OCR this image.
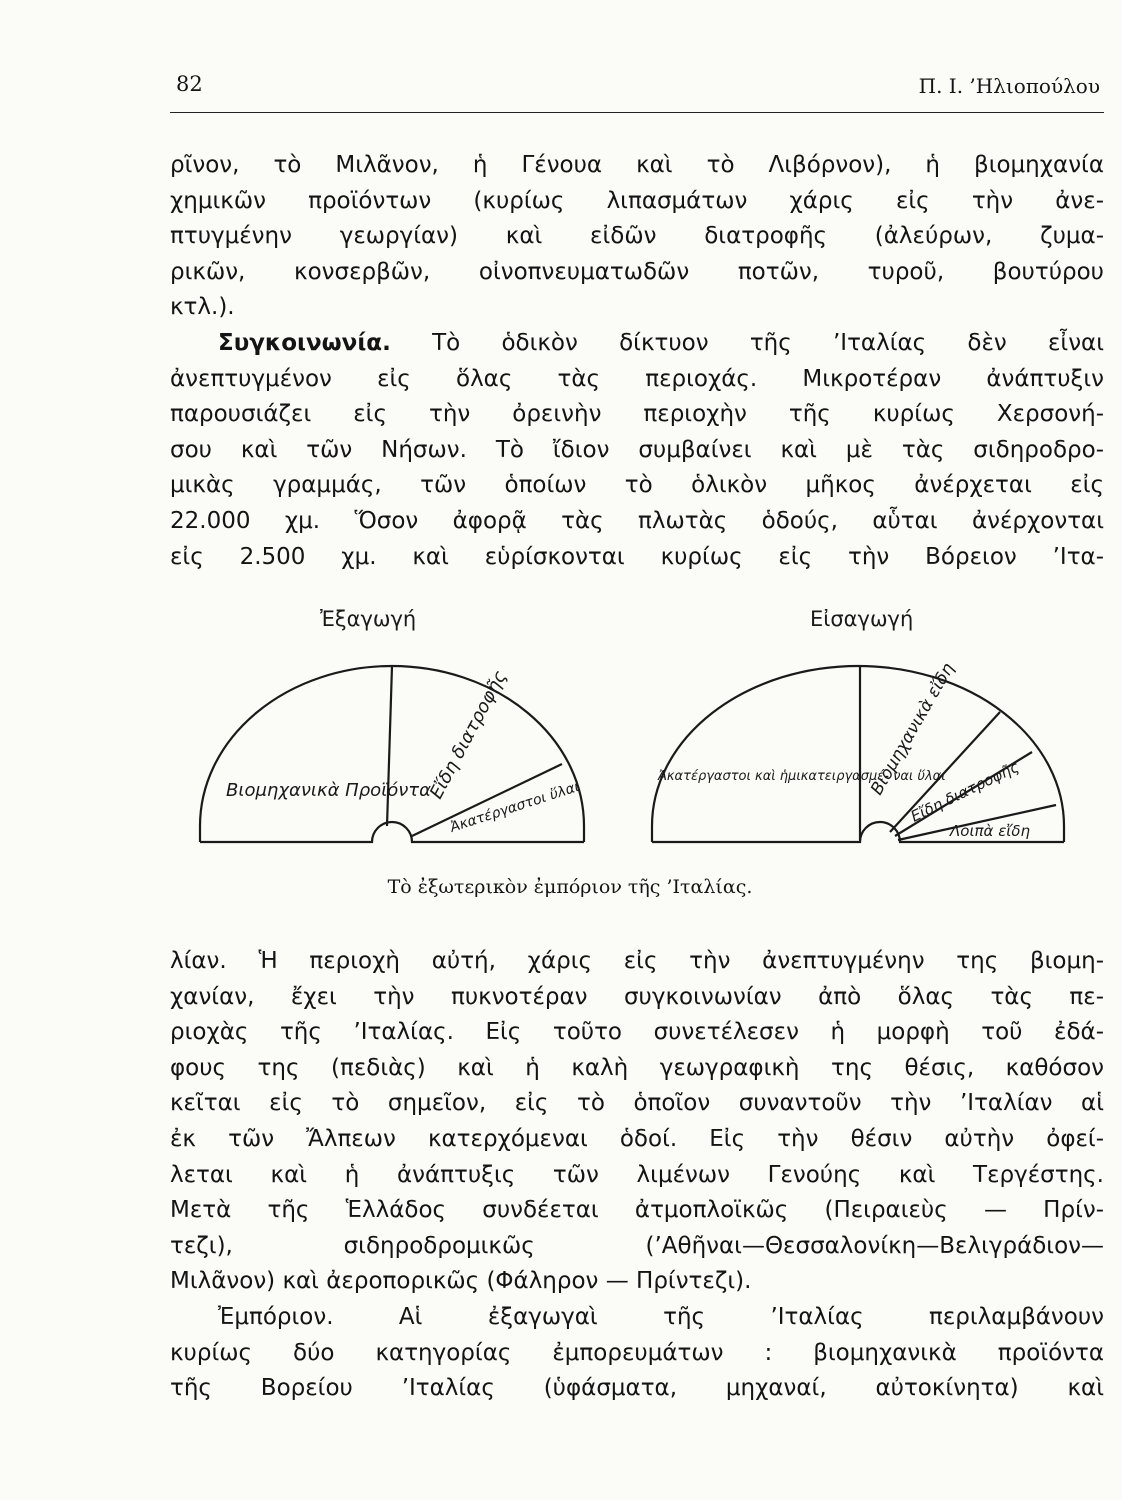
82	Π. Ι. ’Ηλιοπούλου
ρῖνον, τὸ Μιλᾶνον, ἡ Γένουα καὶ τὸ Λιβόρνον), ἡ βιομηχανία
χημικῶν προϊόντων (κυρίως λιπασμάτων χάρις εἰς τὴν ἀνε-
πτυγμένην γεωργίαν) καὶ εἰδῶν διατροφῆς (ἀλεύρων, ζυμα-
ρικῶν, κονσερβῶν, οἰνοπνευματωδῶν ποτῶν, τυροῦ, βουτύρου
κτλ.).
Συγκοινωνία. Τὸ ὁδικὸν δίκτυον τῆς ’Ιταλίας δὲν εἶναι
ἀνεπτυγμένον εἰς ὅλας τὰς περιοχάς. Μικροτέραν ἀνάπτυξιν
παρουσιάζει εἰς τὴν ὀρεινὴν περιοχὴν τῆς κυρίως Χερσονή-
σου καὶ τῶν Νήσων. Τὸ ἴδιον συμβαίνει καὶ μὲ τὰς σιδηροδρο-
μικὰς γραμμάς, τῶν ὁποίων τὸ ὁλικὸν μῆκος ἀνέρχεται εἰς
22.000 χμ. Ὅσον ἀφορᾷ τὰς πλωτὰς ὁδούς, αὗται ἀνέρχονται
εἰς 2.500 χμ. καὶ εὑρίσκονται κυρίως εἰς τὴν Βόρειον ’Ιτα-
Ἐξαγωγή	Εἰσαγωγή
Βιομηχανικὰ Προϊόντα
Εἴδη διατροφῆς
Ἀκατέργαστοι ὕλαι
Ἀκατέργαστοι καὶ ἡμικατειργασμέ- ναι ὕλαι
Βιομηχανικὰ εἴδη
Εἴδη διατροφῆς
Λοιπὰ εἴδη
Τὸ ἐξωτερικὸν ἐμπόριον τῆς ’Ιταλίας.
λίαν. Ἡ περιοχὴ αὐτή, χάρις εἰς τὴν ἀνεπτυγμένην της βιομη-
χανίαν, ἔχει τὴν πυκνοτέραν συγκοινωνίαν ἀπὸ ὅλας τὰς πε-
ριοχὰς τῆς ’Ιταλίας. Εἰς τοῦτο συνετέλεσεν ἡ μορφὴ τοῦ ἐδά-
φους της (πεδιὰς) καὶ ἡ καλὴ γεωγραφικὴ της θέσις, καθόσον
κεῖται εἰς τὸ σημεῖον, εἰς τὸ ὁποῖον συναντοῦν τὴν ’Ιταλίαν αἱ
ἐκ τῶν Ἄλπεων κατερχόμεναι ὁδοί. Εἰς τὴν θέσιν αὐτὴν ὀφεί-
λεται καὶ ἡ ἀνάπτυξις τῶν λιμένων Γενούης καὶ Τεργέστης.
Μετὰ τῆς Ἑλλάδος συνδέεται ἀτμοπλοϊκῶς (Πειραιεὺς — Πρίν-
τεζι), σιδηροδρομικῶς (’Αθῆναι—Θεσσαλονίκη—Βελιγράδιον—
Μιλᾶνον) καὶ ἀεροπορικῶς (Φάληρον — Πρίντεζι).
Ἐμπόριον. Αἱ ἐξαγωγαὶ τῆς ’Ιταλίας περιλαμβάνουν
κυρίως δύο κατηγορίας ἐμπορευμάτων : βιομηχανικὰ προϊόντα
τῆς Βορείου ’Ιταλίας (ὑφάσματα, μηχαναί, αὐτοκίνητα) καὶ
